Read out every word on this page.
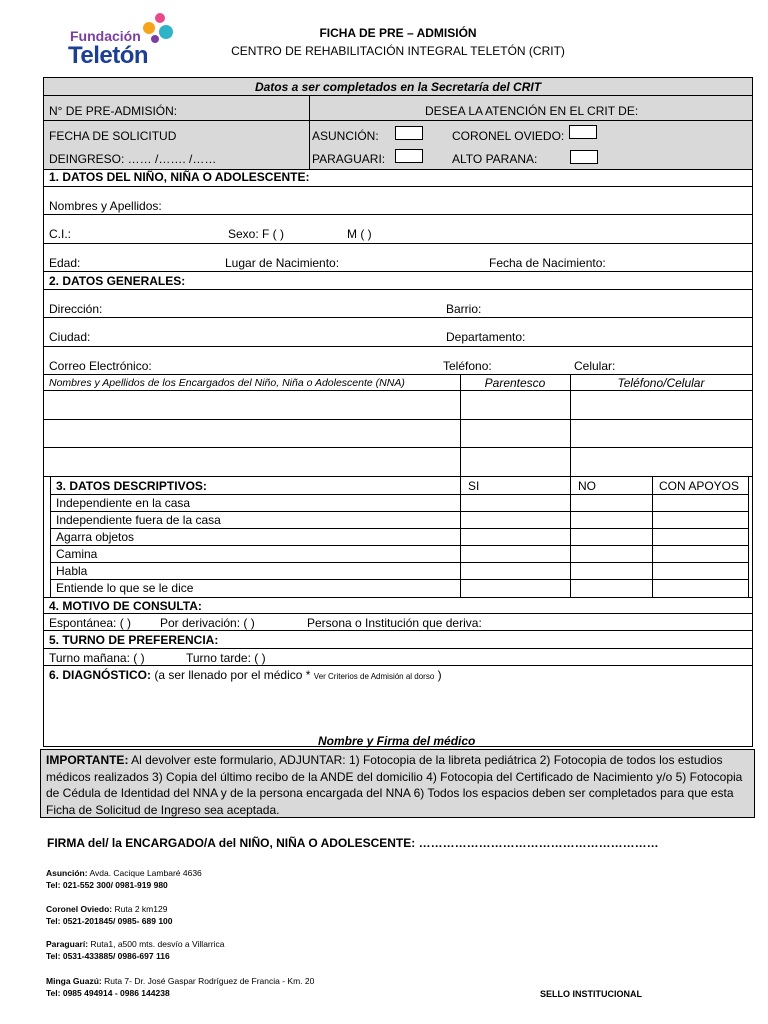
Fundación
Teletón
FICHA DE PRE – ADMISIÓN
CENTRO DE REHABILITACIÓN INTEGRAL TELETÓN (CRIT)
Datos a ser completados en la Secretaría del CRIT
N° DE PRE-ADMISIÓN:	DESEA LA ATENCIÓN EN EL CRIT DE:
FECHA DE SOLICITUD
DEINGRESO: …… /……. /……
ASUNCIÓN:	CORONEL OVIEDO:
PARAGUARI:	ALTO PARANA:
1. DATOS DEL NIÑO, NIÑA O ADOLESCENTE:
Nombres y Apellidos:
C.I.:	Sexo: F ( )	M ( )
Edad:	Lugar de Nacimiento:	Fecha de Nacimiento:
2. DATOS GENERALES:
Dirección:	Barrio:
Ciudad:	Departamento:
Correo Electrónico:	Teléfono:	Celular:
Nombres y Apellidos de los Encargados del Niño, Niña o Adolescente (NNA)	Parentesco	Teléfono/Celular
3. DATOS DESCRIPTIVOS:	SI	NO	CON APOYOS
Independiente en la casa
Independiente fuera de la casa
Agarra objetos
Camina
Habla
Entiende lo que se le dice
4. MOTIVO DE CONSULTA:
Espontánea: ( ) Por derivación: ( )	Persona o Institución que deriva:
5. TURNO DE PREFERENCIA:
Turno mañana: ( )	Turno tarde: ( )
6. DIAGNÓSTICO: (a ser llenado por el médico * Ver Criterios de Admisión al dorso )
Nombre y Firma del médico
IMPORTANTE: Al devolver este formulario, ADJUNTAR: 1) Fotocopia de la libreta pediátrica 2) Fotocopia de todos los estudios médicos realizados 3) Copia del último recibo de la ANDE del domicilio 4) Fotocopia del Certificado de Nacimiento y/o 5) Fotocopia de Cédula de Identidad del NNA y de la persona encargada del NNA 6) Todos los espacios deben ser completados para que esta Ficha de Solicitud de Ingreso sea aceptada.
FIRMA del/ la ENCARGADO/A del NIÑO, NIÑA O ADOLESCENTE: ……………………………………………………
Asunción: Avda. Cacique Lambaré 4636
Tel: 021-552 300/ 0981-919 980
Coronel Oviedo: Ruta 2 km129
Tel: 0521-201845/ 0985- 689 100
Paraguarí: Ruta1, a500 mts. desvío a Villarrica
Tel: 0531-433885/ 0986-697 116
Minga Guazú: Ruta 7- Dr. José Gaspar Rodríguez de Francia - Km. 20
Tel: 0985 494914 - 0986 144238	SELLO INSTITUCIONAL
